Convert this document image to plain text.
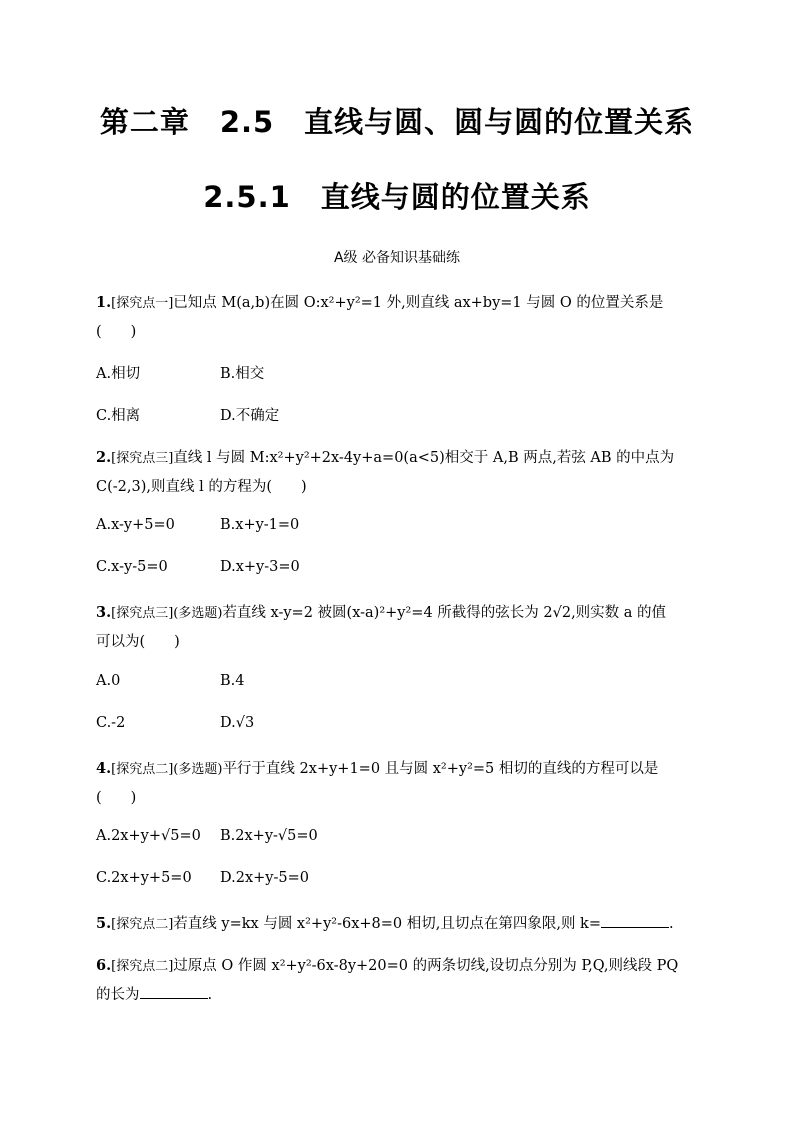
第二章　2.5　直线与圆、圆与圆的位置关系
2.5.1　直线与圆的位置关系
A级 必备知识基础练
1.[探究点一]已知点 M(a,b)在圆 O:x²+y²=1 外,则直线 ax+by=1 与圆 O 的位置关系是
(　　)
A.相切	B.相交
C.相离	D.不确定
2.[探究点三]直线 l 与圆 M:x²+y²+2x-4y+a=0(a<5)相交于 A,B 两点,若弦 AB 的中点为
C(-2,3),则直线 l 的方程为(　　)
A.x-y+5=0	B.x+y-1=0
C.x-y-5=0	D.x+y-3=0
3.[探究点三](多选题)若直线 x-y=2 被圆(x-a)²+y²=4 所截得的弦长为 2√2,则实数 a 的值
可以为(　　)
A.0	B.4
C.-2	D.√3
4.[探究点二](多选题)平行于直线 2x+y+1=0 且与圆 x²+y²=5 相切的直线的方程可以是
(　　)
A.2x+y+√5=0 B.2x+y-√5=0
C.2x+y+5=0 D.2x+y-5=0
5.[探究点二]若直线 y=kx 与圆 x²+y²-6x+8=0 相切,且切点在第四象限,则 k=	.
6.[探究点二]过原点 O 作圆 x²+y²-6x-8y+20=0 的两条切线,设切点分别为 P,Q,则线段 PQ
的长为	.
